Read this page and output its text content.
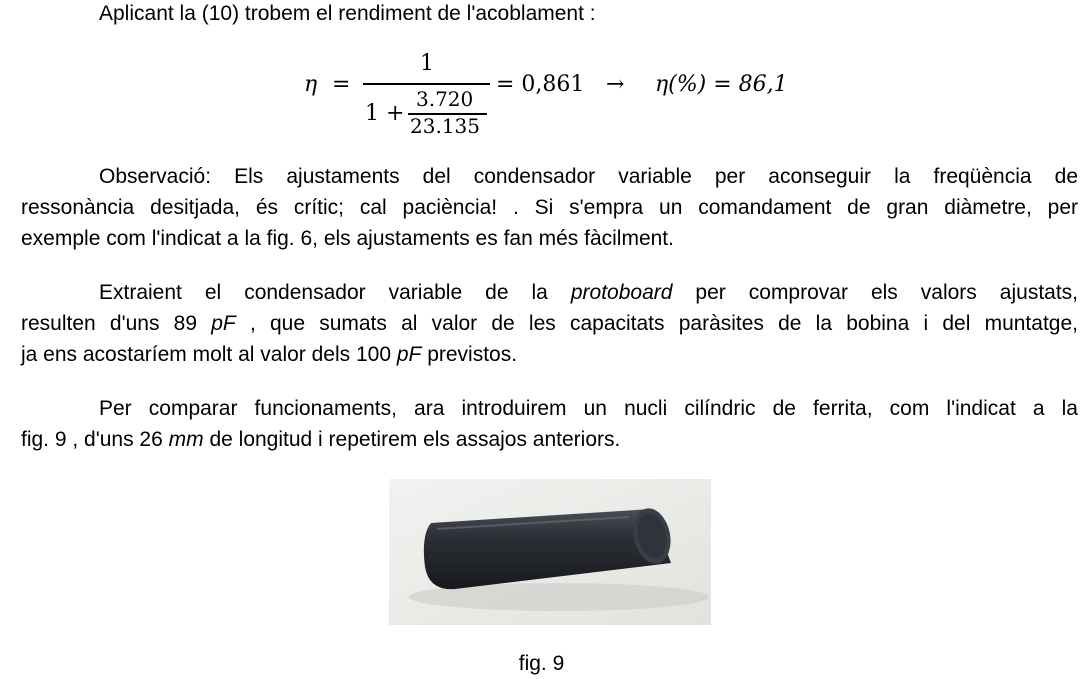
Aplicant la (10) trobem el rendiment de l'acoblament :
η =
1
1 +
3.720
23.135
= 0,861 → η(%) = 86,1
Observació: Els ajustaments del condensador variable per aconseguir la freqüència de
ressonància desitjada, és crític; cal paciència! . Si s'empra un comandament de gran diàmetre, per
exemple com l'indicat a la fig. 6, els ajustaments es fan més fàcilment.
Extraient el condensador variable de la protoboard per comprovar els valors ajustats,
resulten d'uns 89 pF , que sumats al valor de les capacitats paràsites de la bobina i del muntatge,
ja ens acostaríem molt al valor dels 100 pF previstos.
Per comparar funcionaments, ara introduirem un nucli cilíndric de ferrita, com l'indicat a la
fig. 9 , d'uns 26 mm de longitud i repetirem els assajos anteriors.
fig. 9
